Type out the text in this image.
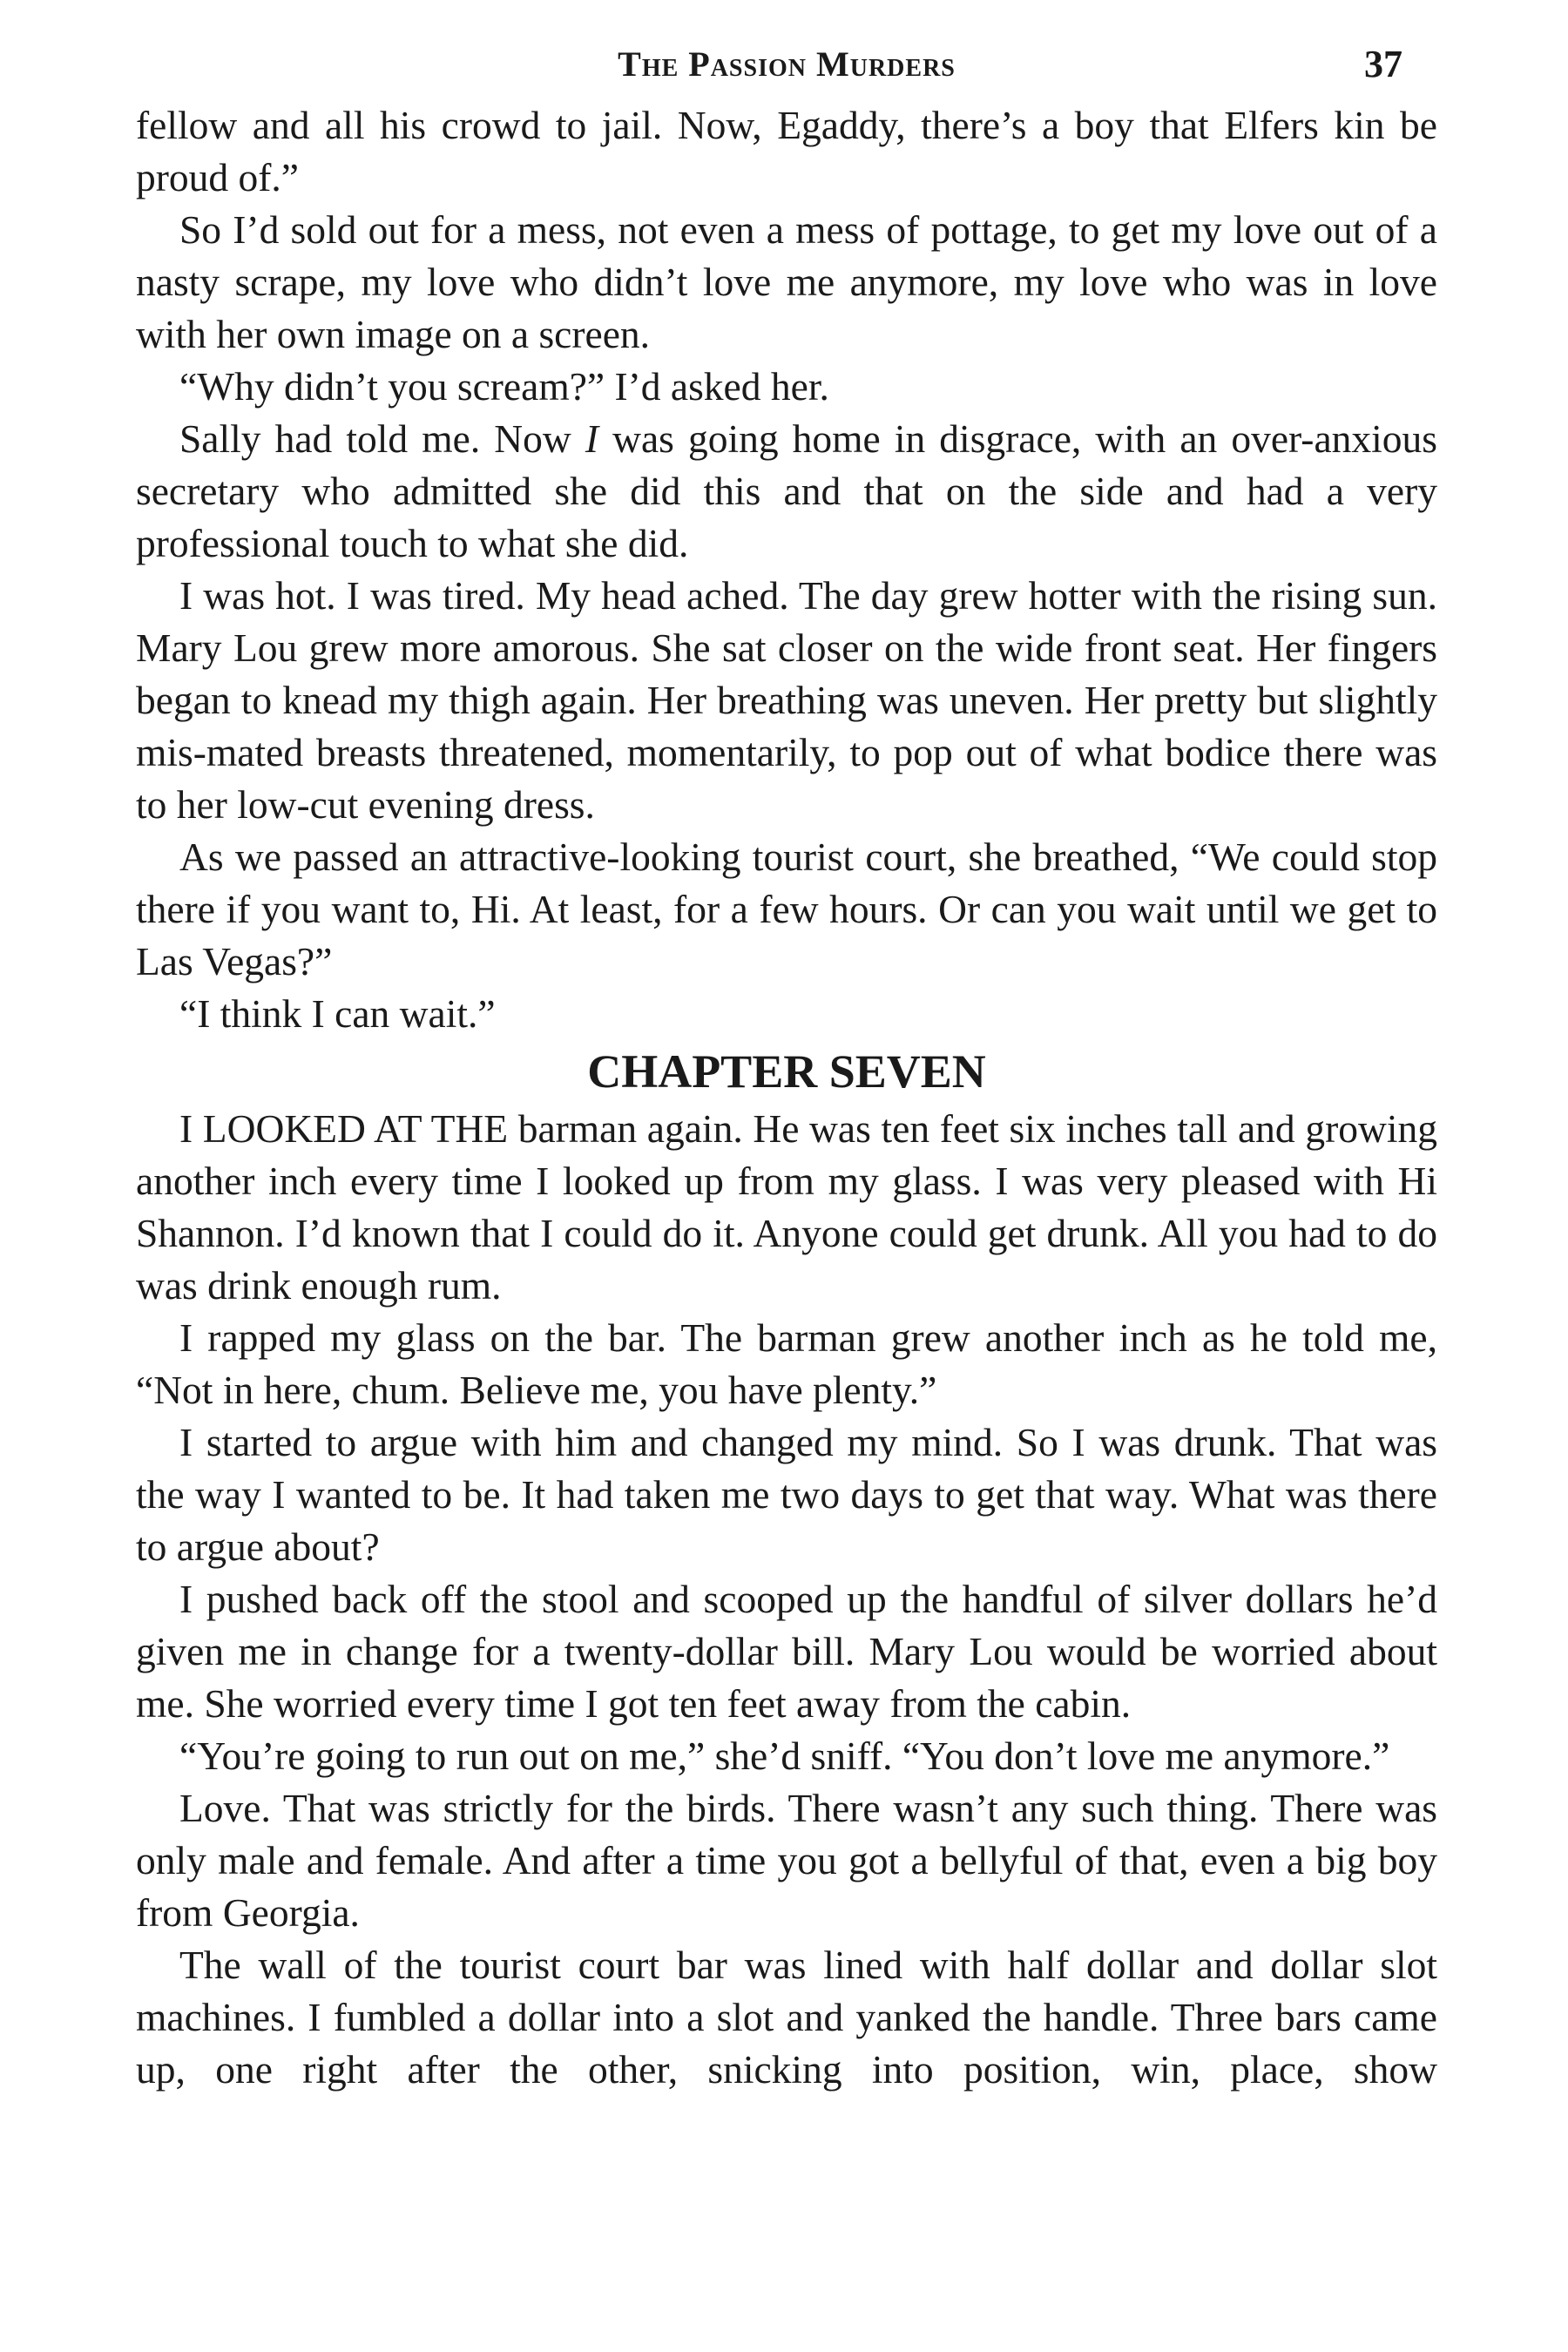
The Passion Murders	37

fellow and all his crowd to jail. Now, Egaddy, there’s a boy that Elfers kin be proud of.”

So I’d sold out for a mess, not even a mess of pottage, to get my love out of a nasty scrape, my love who didn’t love me anymore, my love who was in love with her own image on a screen.

“Why didn’t you scream?” I’d asked her.

Sally had told me. Now I was going home in disgrace, with an over-anxious secretary who admitted she did this and that on the side and had a very professional touch to what she did.

I was hot. I was tired. My head ached. The day grew hotter with the rising sun. Mary Lou grew more amorous. She sat closer on the wide front seat. Her fingers began to knead my thigh again. Her breathing was uneven. Her pretty but slightly mis-mated breasts threatened, momentarily, to pop out of what bodice there was to her low-cut evening dress.

As we passed an attractive-looking tourist court, she breathed, “We could stop there if you want to, Hi. At least, for a few hours. Or can you wait until we get to Las Vegas?”

“I think I can wait.”

CHAPTER SEVEN

I LOOKED AT THE barman again. He was ten feet six inches tall and growing another inch every time I looked up from my glass. I was very pleased with Hi Shannon. I’d known that I could do it. Anyone could get drunk. All you had to do was drink enough rum.

I rapped my glass on the bar. The barman grew another inch as he told me, “Not in here, chum. Believe me, you have plenty.”

I started to argue with him and changed my mind. So I was drunk. That was the way I wanted to be. It had taken me two days to get that way. What was there to argue about?

I pushed back off the stool and scooped up the handful of silver dollars he’d given me in change for a twenty-dollar bill. Mary Lou would be worried about me. She worried every time I got ten feet away from the cabin.

“You’re going to run out on me,” she’d sniff. “You don’t love me anymore.”

Love. That was strictly for the birds. There wasn’t any such thing. There was only male and female. And after a time you got a bellyful of that, even a big boy from Georgia.

The wall of the tourist court bar was lined with half dollar and dollar slot machines. I fumbled a dollar into a slot and yanked the handle. Three bars came up, one right after the other, snicking into position, win, place, show
